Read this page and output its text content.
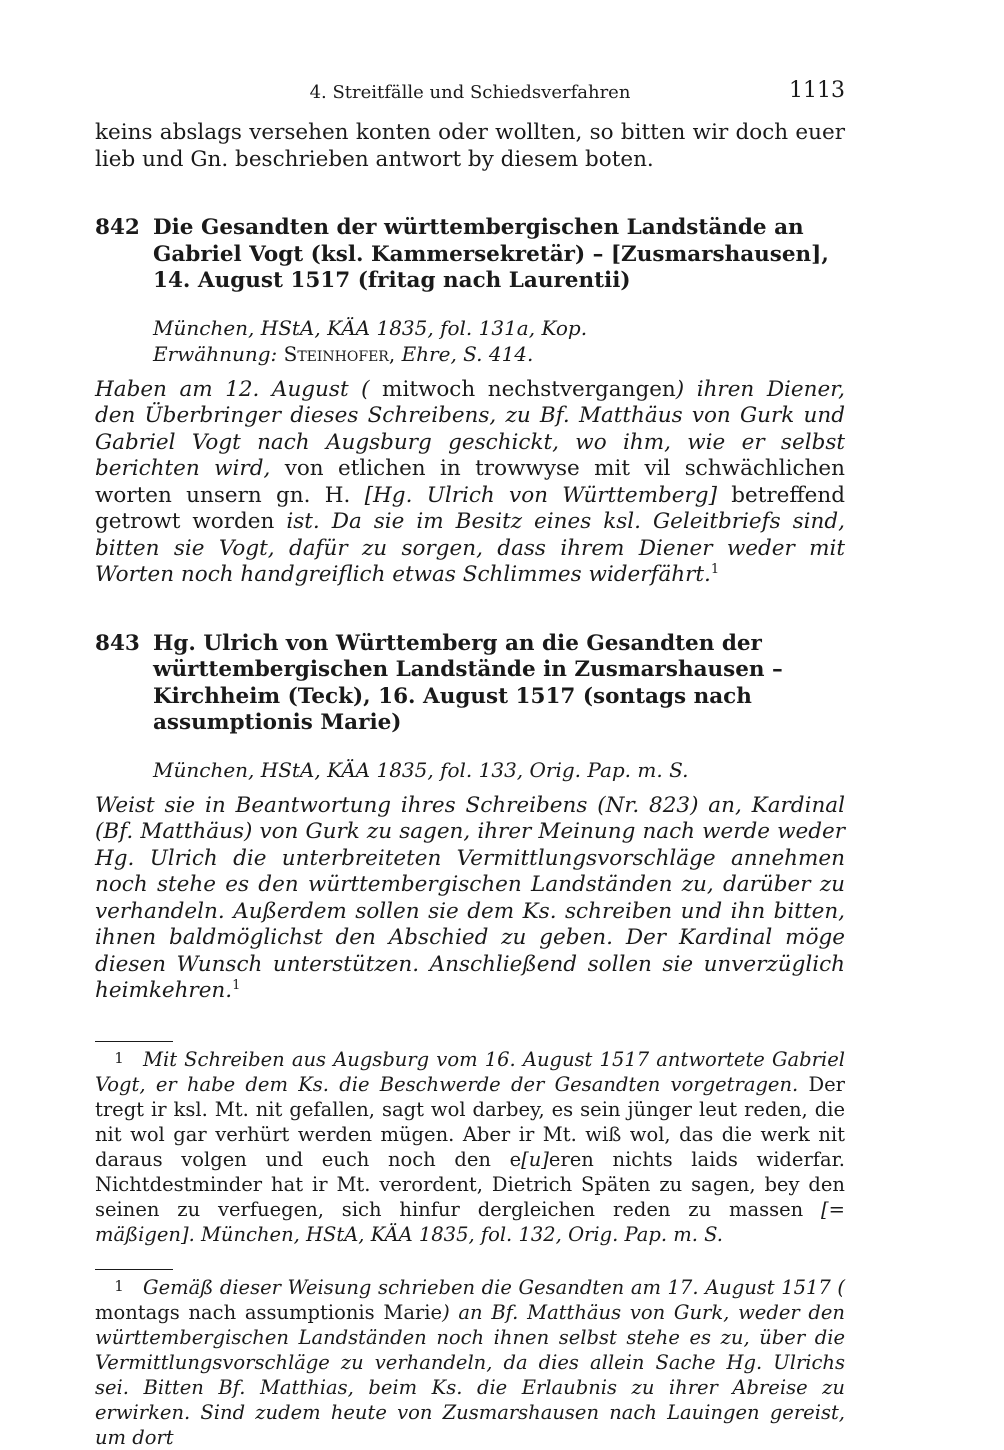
4. Streitfälle und Schiedsverfahren	1113
keins abslags versehen konten oder wollten, so bitten wir doch euer lieb und Gn. beschrieben antwort by diesem boten.
842 Die Gesandten der württembergischen Landstände an Gabriel Vogt (ksl. Kammersekretär) – [Zusmarshausen], 14. August 1517 (fritag nach Laurentii)
München, HStA, KÄA 1835, fol. 131a, Kop.
Erwähnung: Steinhofer, Ehre, S. 414.
Haben am 12. August ( mitwoch nechstvergangen) ihren Diener, den Überbringer dieses Schreibens, zu Bf. Matthäus von Gurk und Gabriel Vogt nach Augsburg geschickt, wo ihm, wie er selbst berichten wird, von etlichen in trowwyse mit vil schwächlichen worten unsern gn. H. [Hg. Ulrich von Württemberg] betreffend getrowt worden ist. Da sie im Besitz eines ksl. Geleitbriefs sind, bitten sie Vogt, dafür zu sorgen, dass ihrem Diener weder mit Worten noch handgreiflich etwas Schlimmes widerfährt.$^1$
843 Hg. Ulrich von Württemberg an die Gesandten der württembergischen Landstände in Zusmarshausen – Kirchheim (Teck), 16. August 1517 (sontags nach assumptionis Marie)
München, HStA, KÄA 1835, fol. 133, Orig. Pap. m. S.
Weist sie in Beantwortung ihres Schreibens (Nr. 823) an, Kardinal (Bf. Matthäus) von Gurk zu sagen, ihrer Meinung nach werde weder Hg. Ulrich die unterbreiteten Vermittlungsvorschläge annehmen noch stehe es den württembergischen Landständen zu, darüber zu verhandeln. Außerdem sollen sie dem Ks. schreiben und ihn bitten, ihnen baldmöglichst den Abschied zu geben. Der Kardinal möge diesen Wunsch unterstützen. Anschließend sollen sie unverzüglich heimkehren.$^1$
1 Mit Schreiben aus Augsburg vom 16. August 1517 antwortete Gabriel Vogt, er habe dem Ks. die Beschwerde der Gesandten vorgetragen. Der tregt ir ksl. Mt. nit gefallen, sagt wol darbey, es sein jünger leut reden, die nit wol gar verhürt werden mügen. Aber ir Mt. wiß wol, das die werk nit daraus volgen und euch noch den e[u]eren nichts laids widerfar. Nichtdestminder hat ir Mt. verordent, Dietrich Späten zu sagen, bey den seinen zu verfuegen, sich hinfur dergleichen reden zu massen [= mäßigen]. München, HStA, KÄA 1835, fol. 132, Orig. Pap. m. S.
1 Gemäß dieser Weisung schrieben die Gesandten am 17. August 1517 ( montags nach assumptionis Marie) an Bf. Matthäus von Gurk, weder den württembergischen Landständen noch ihnen selbst stehe es zu, über die Vermittlungsvorschläge zu verhandeln, da dies allein Sache Hg. Ulrichs sei. Bitten Bf. Matthias, beim Ks. die Erlaubnis zu ihrer Abreise zu erwirken. Sind zudem heute von Zusmarshausen nach Lauingen gereist, um dort
